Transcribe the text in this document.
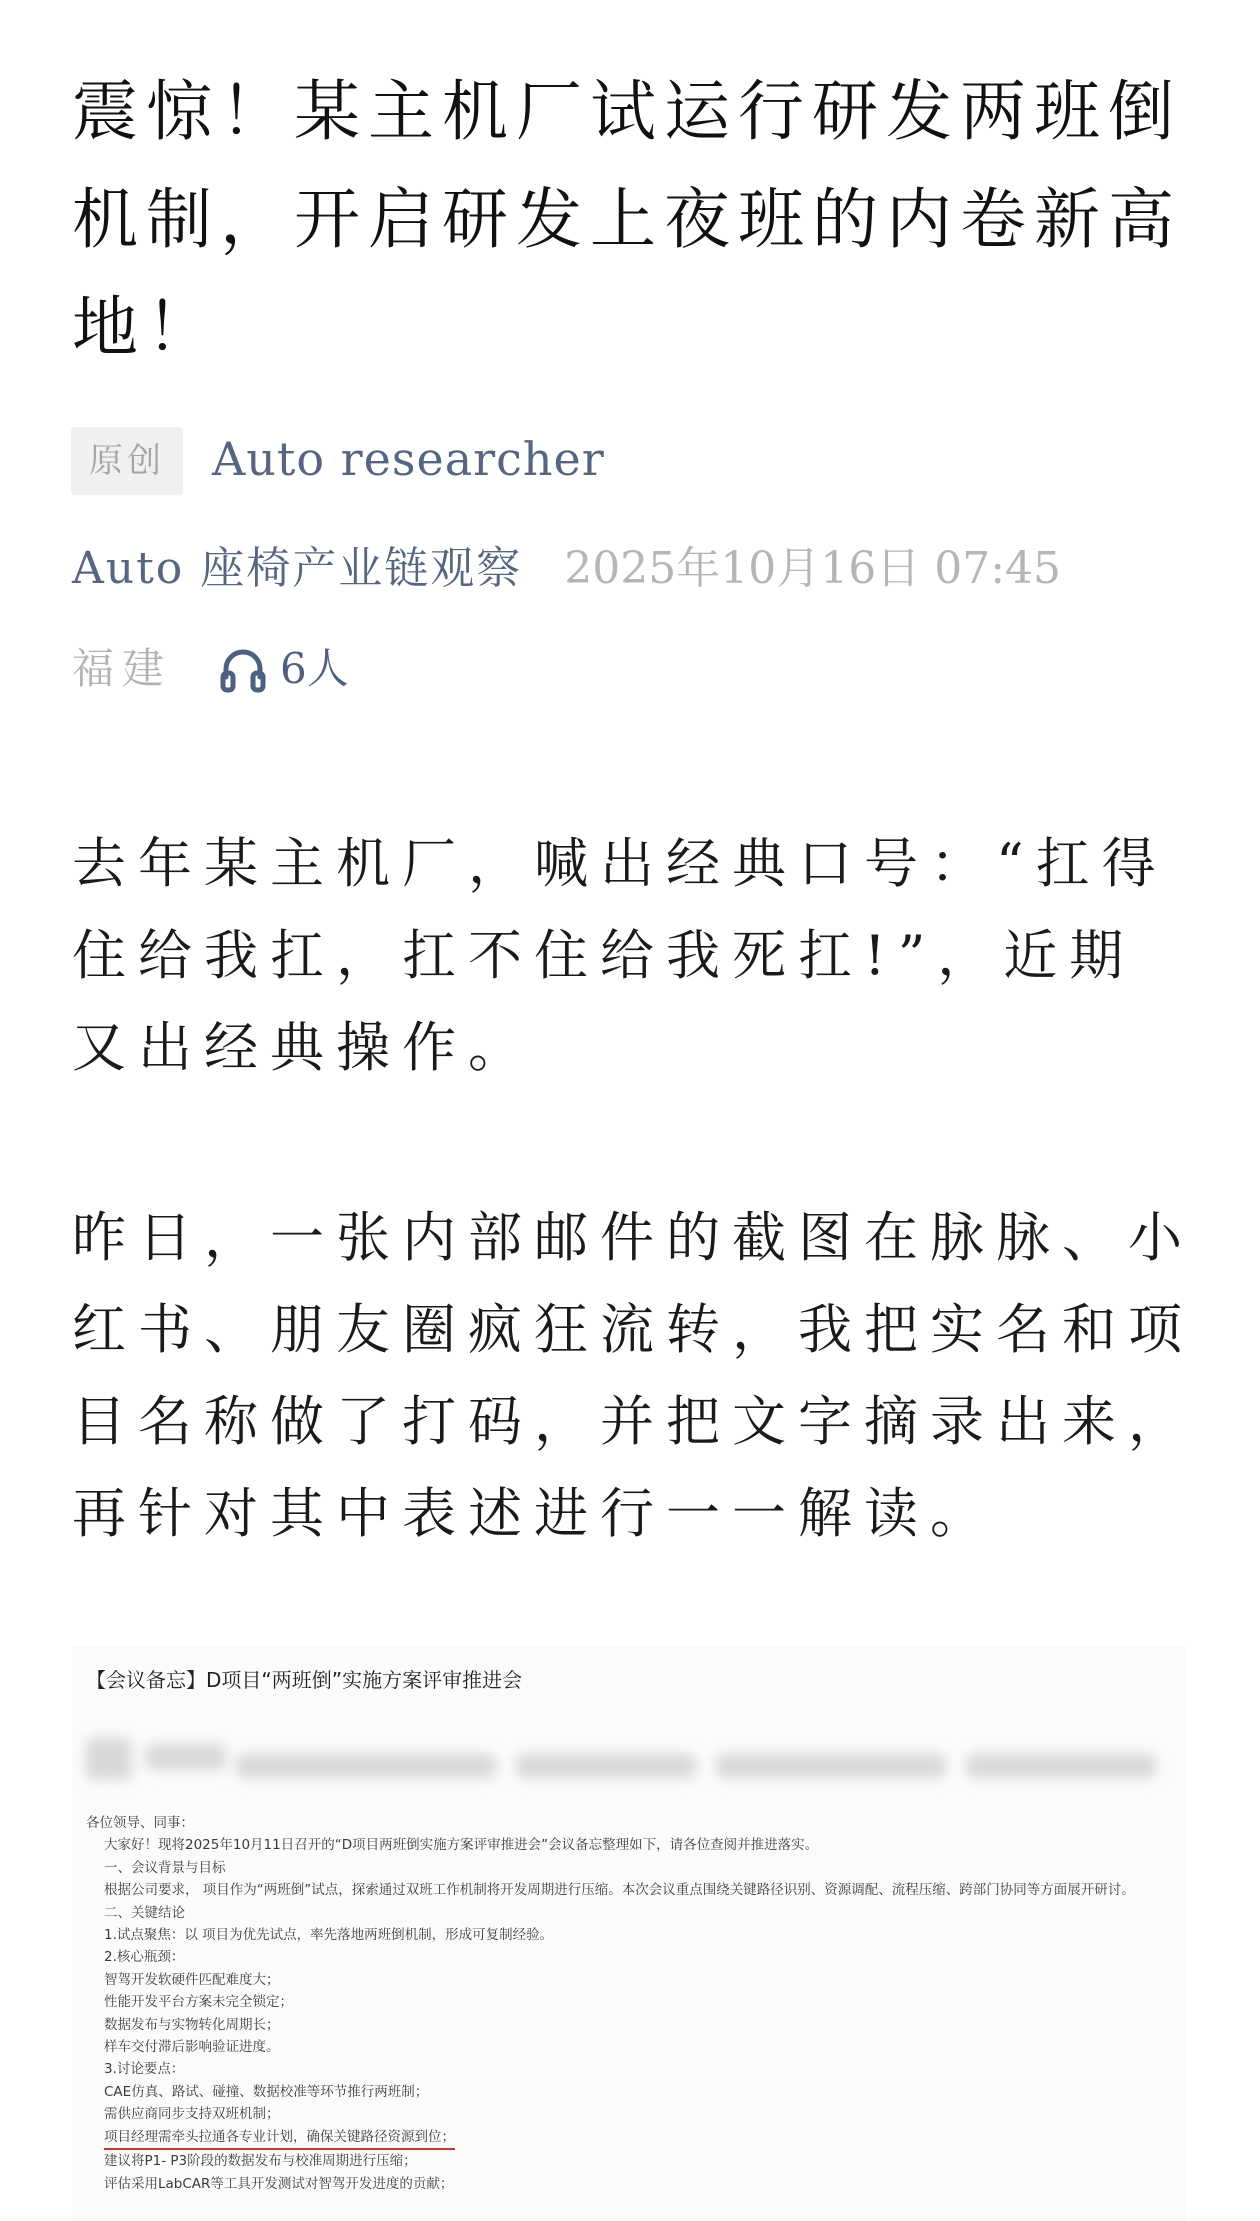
震惊！某主机厂试运行研发两班倒机制，开启研发上夜班的内卷新高地！
原创	Auto researcher
Auto 座椅产业链观察 2025年10月16日 07:45
福建	6人

去年某主机厂，喊出经典口号：“扛得住给我扛，扛不住给我死扛!”，近期又出经典操作。

昨日，一张内部邮件的截图在脉脉、小红书、朋友圈疯狂流转，我把实名和项目名称做了打码，并把文字摘录出来，再针对其中表述进行一一解读。

【会议备忘】D项目“两班倒”实施方案评审推进会
各位领导、同事：
大家好！现将2025年10月11日召开的“D项目两班倒实施方案评审推进会”会议备忘整理如下，请各位查阅并推进落实。
一、会议背景与目标
根据公司要求， 项目作为“两班倒”试点，探索通过双班工作机制将开发周期进行压缩。本次会议重点围绕关键路径识别、资源调配、流程压缩、跨部门协同等方面展开研讨。
二、关键结论
1.试点聚焦：以 项目为优先试点，率先落地两班倒机制，形成可复制经验。
2.核心瓶颈：
智驾开发软硬件匹配难度大；
性能开发平台方案未完全锁定；
数据发布与实物转化周期长；
样车交付滞后影响验证进度。
3.讨论要点：
CAE仿真、路试、碰撞、数据校准等环节推行两班制；
需供应商同步支持双班机制；
项目经理需牵头拉通各专业计划，确保关键路径资源到位；
建议将P1- P3阶段的数据发布与校准周期进行压缩；
评估采用LabCAR等工具开发测试对智驾开发进度的贡献；
